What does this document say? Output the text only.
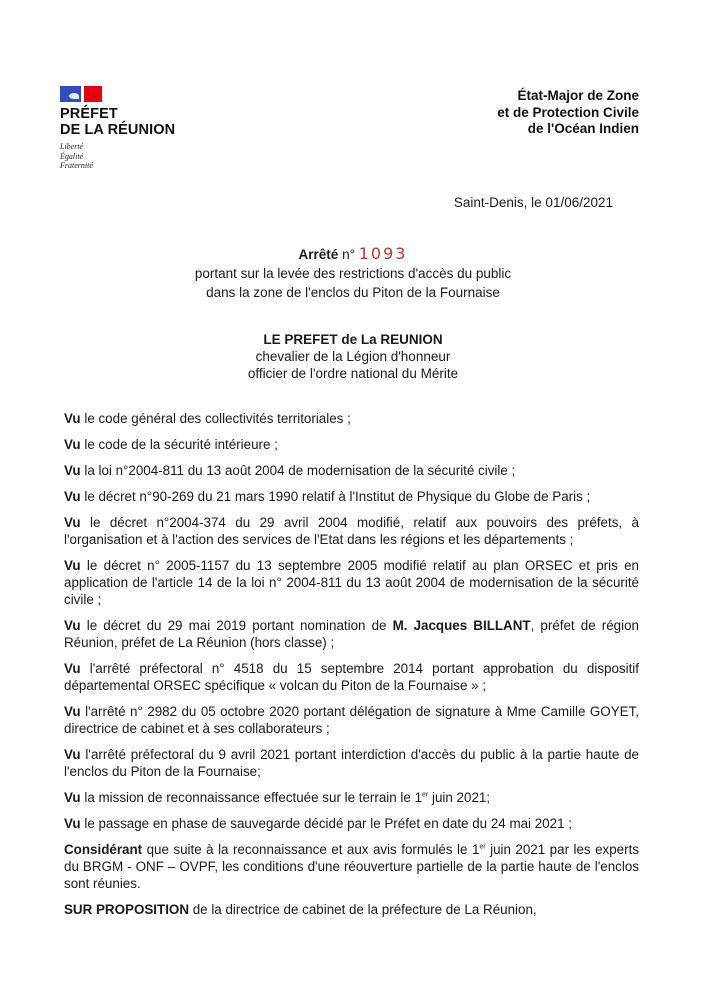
PRÉFET
DE LA RÉUNION
Liberté
Égalité
Fraternité
État-Major de Zone
et de Protection Civile
de l'Océan Indien
Saint-Denis, le 01/06/2021
Arrêté n° 1093
portant sur la levée des restrictions d'accès du public
dans la zone de l'enclos du Piton de la Fournaise
LE PREFET de La REUNION
chevalier de la Légion d'honneur
officier de l'ordre national du Mérite

Vu le code général des collectivités territoriales ;

Vu le code de la sécurité intérieure ;

Vu la loi n°2004-811 du 13 août 2004 de modernisation de la sécurité civile ;

Vu le décret n°90-269 du 21 mars 1990 relatif à l'Institut de Physique du Globe de Paris ;

Vu le décret n°2004-374 du 29 avril 2004 modifié, relatif aux pouvoirs des préfets, à l'organisation et à l'action des services de l'Etat dans les régions et les départements ;

Vu le décret n° 2005-1157 du 13 septembre 2005 modifié relatif au plan ORSEC et pris en application de l'article 14 de la loi n° 2004-811 du 13 août 2004 de modernisation de la sécurité civile ;

Vu le décret du 29 mai 2019 portant nomination de M. Jacques BILLANT, préfet de région Réunion, préfet de La Réunion (hors classe) ;

Vu l'arrêté préfectoral n° 4518 du 15 septembre 2014 portant approbation du dispositif départemental ORSEC spécifique « volcan du Piton de la Fournaise » ;

Vu l'arrêté n° 2982 du 05 octobre 2020 portant délégation de signature à Mme Camille GOYET, directrice de cabinet et à ses collaborateurs ;

Vu l'arrêté préfectoral du 9 avril 2021 portant interdiction d'accès du public à la partie haute de l'enclos du Piton de la Fournaise;

Vu la mission de reconnaissance effectuée sur le terrain le 1er juin 2021;

Vu le passage en phase de sauvegarde décidé par le Préfet en date du 24 mai 2021 ;

Considérant que suite à la reconnaissance et aux avis formulés le 1er juin 2021 par les experts du BRGM - ONF – OVPF, les conditions d'une réouverture partielle de la partie haute de l'enclos sont réunies.

SUR PROPOSITION de la directrice de cabinet de la préfecture de La Réunion,
